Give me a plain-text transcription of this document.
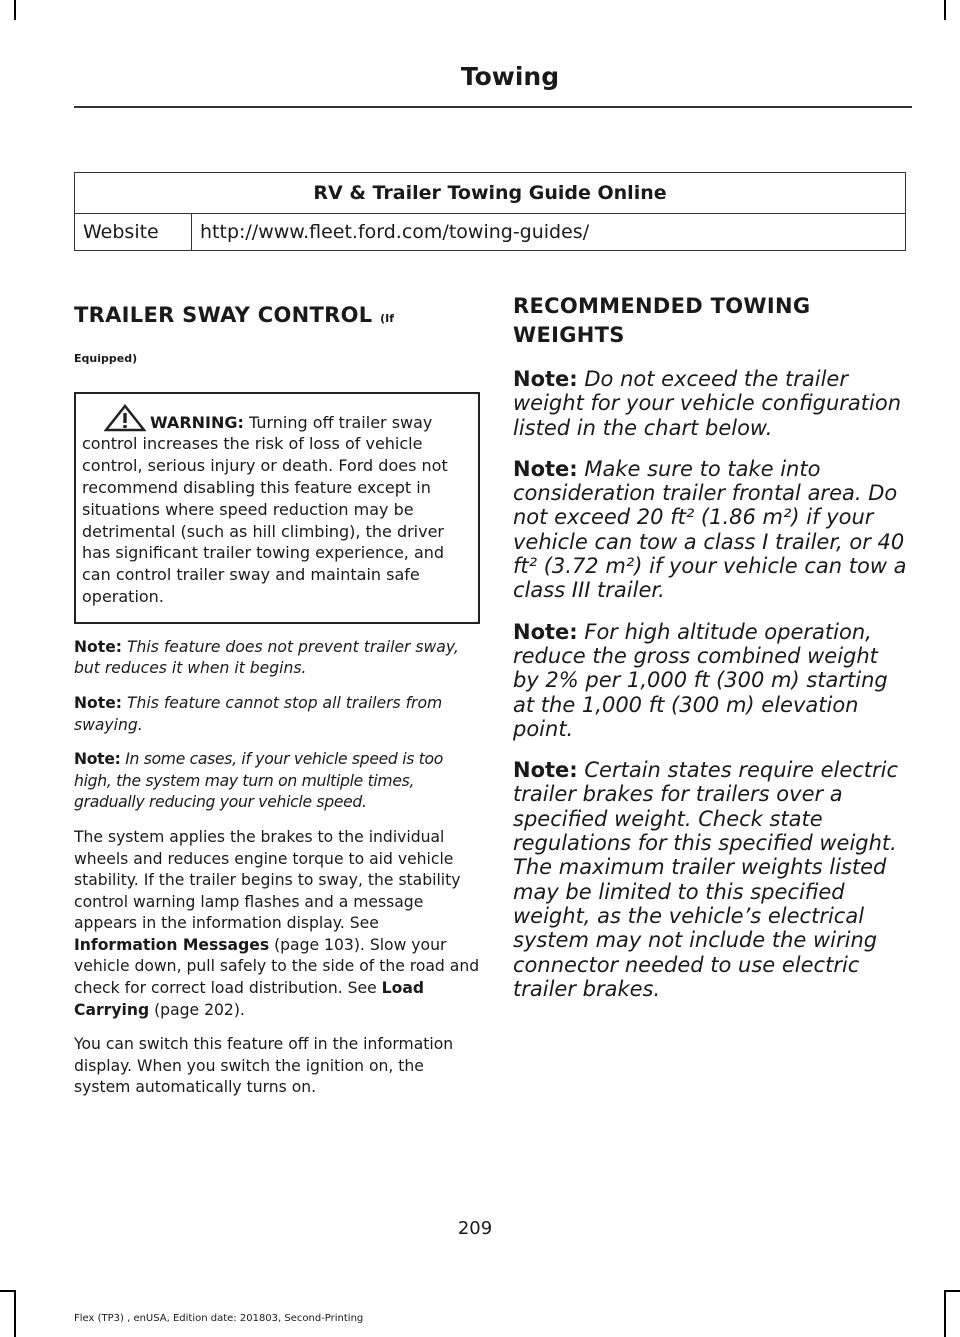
Towing
RV & Trailer Towing Guide Online
Website	http://www.fleet.ford.com/towing-guides/
TRAILER SWAY CONTROL (If
Equipped)
WARNING: Turning off trailer sway control increases the risk of loss of vehicle control, serious injury or death. Ford does not recommend disabling this feature except in situations where speed reduction may be detrimental (such as hill climbing), the driver has significant trailer towing experience, and can control trailer sway and maintain safe operation.

Note: This feature does not prevent trailer sway, but reduces it when it begins.

Note: This feature cannot stop all trailers from swaying.

Note: In some cases, if your vehicle speed is too high, the system may turn on multiple times, gradually reducing your vehicle speed.

The system applies the brakes to the individual wheels and reduces engine torque to aid vehicle stability. If the trailer begins to sway, the stability control warning lamp flashes and a message appears in the information display. See Information Messages (page 103). Slow your vehicle down, pull safely to the side of the road and check for correct load distribution. See Load Carrying (page 202).

You can switch this feature off in the information display. When you switch the ignition on, the system automatically turns on.

RECOMMENDED TOWING
WEIGHTS

Note: Do not exceed the trailer weight for your vehicle configuration listed in the chart below.

Note: Make sure to take into consideration trailer frontal area. Do not exceed 20 ft² (1.86 m²) if your vehicle can tow a class I trailer, or 40 ft² (3.72 m²) if your vehicle can tow a class III trailer.

Note: For high altitude operation, reduce the gross combined weight by 2% per 1,000 ft (300 m) starting at the 1,000 ft (300 m) elevation point.

Note: Certain states require electric trailer brakes for trailers over a specified weight. Check state regulations for this specified weight. The maximum trailer weights listed may be limited to this specified weight, as the vehicle’s electrical system may not include the wiring connector needed to use electric trailer brakes.

209
Flex (TP3) , enUSA, Edition date: 201803, Second-Printing
